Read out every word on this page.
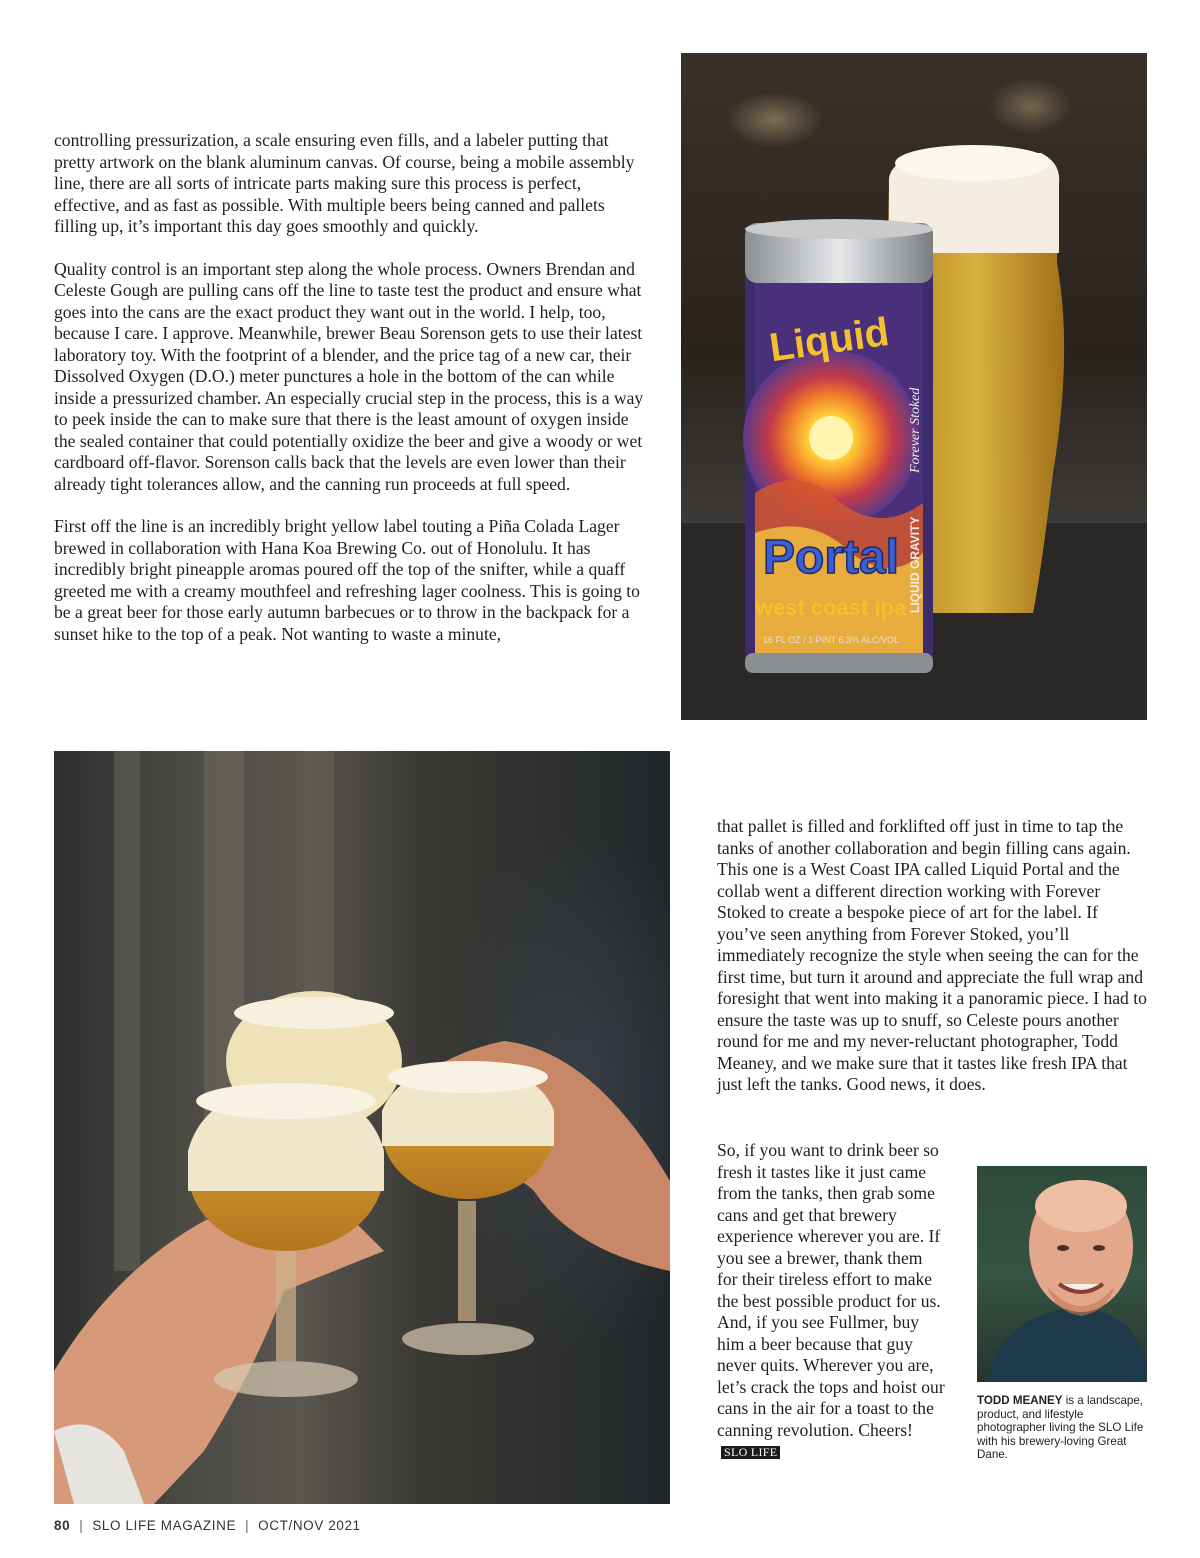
controlling pressurization, a scale ensuring even fills, and a labeler putting that pretty artwork on the blank aluminum canvas. Of course, being a mobile assembly line, there are all sorts of intricate parts making sure this process is perfect, effective, and as fast as possible. With multiple beers being canned and pallets filling up, it’s important this day goes smoothly and quickly.

Quality control is an important step along the whole process. Owners Brendan and Celeste Gough are pulling cans off the line to taste test the product and ensure what goes into the cans are the exact product they want out in the world. I help, too, because I care. I approve. Meanwhile, brewer Beau Sorenson gets to use their latest laboratory toy. With the footprint of a blender, and the price tag of a new car, their Dissolved Oxygen (D.O.) meter punctures a hole in the bottom of the can while inside a pressurized chamber. An especially crucial step in the process, this is a way to peek inside the can to make sure that there is the least amount of oxygen inside the sealed container that could potentially oxidize the beer and give a woody or wet cardboard off-flavor. Sorenson calls back that the levels are even lower than their already tight tolerances allow, and the canning run proceeds at full speed.

First off the line is an incredibly bright yellow label touting a Piña Colada Lager brewed in collaboration with Hana Koa Brewing Co. out of Honolulu. It has incredibly bright pineapple aromas poured off the top of the snifter, while a quaff greeted me with a creamy mouthfeel and refreshing lager coolness. This is going to be a great beer for those early autumn barbecues or to throw in the backpack for a sunset hike to the top of a peak. Not wanting to waste a minute,

Liquid
Portal
west coast ipa
16 FL OZ / 1 PINT 6.3% ALC/VOL
LIQUID GRAVITY
Forever Stoked

that pallet is filled and forklifted off just in time to tap the tanks of another collaboration and begin filling cans again. This one is a West Coast IPA called Liquid Portal and the collab went a different direction working with Forever Stoked to create a bespoke piece of art for the label. If you’ve seen anything from Forever Stoked, you’ll immediately recognize the style when seeing the can for the first time, but turn it around and appreciate the full wrap and foresight that went into making it a panoramic piece. I had to ensure the taste was up to snuff, so Celeste pours another round for me and my never-reluctant photographer, Todd Meaney, and we make sure that it tastes like fresh IPA that just left the tanks. Good news, it does.

So, if you want to drink beer so fresh it tastes like it just came from the tanks, then grab some cans and get that brewery experience wherever you are. If you see a brewer, thank them for their tireless effort to make the best possible product for us. And, if you see Fullmer, buy him a beer because that guy never quits. Wherever you are, let’s crack the tops and hoist our cans in the air for a toast to the canning revolution. Cheers!SLO LIFE

TODD MEANEY is a landscape, product, and lifestyle photographer living the SLO Life with his brewery-loving Great Dane.
80 | SLO LIFE MAGAZINE | OCT/NOV 2021
